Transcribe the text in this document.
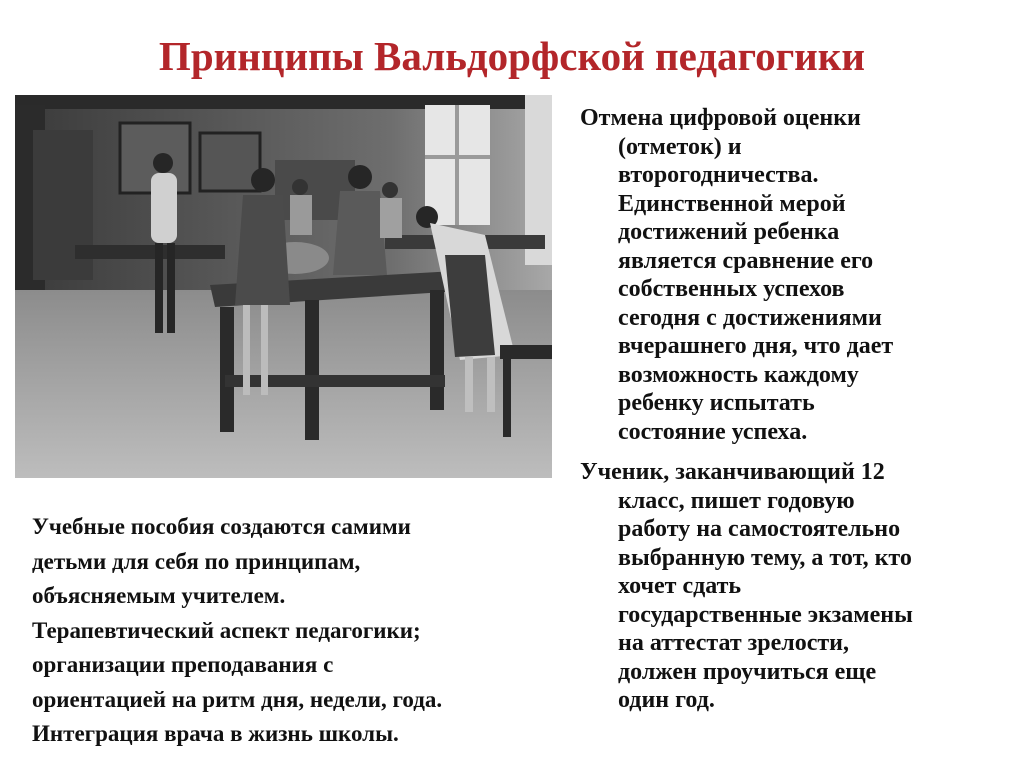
Принципы Вальдорфской педагогики

Отмена цифровой оценки
(отметок) и
второгодничества.
Единственной мерой
достижений ребенка
является сравнение его
собственных успехов
сегодня с достижениями
вчерашнего дня, что дает
возможность каждому
ребенку испытать
состояние успеха.

Ученик, заканчивающий 12
класс, пишет годовую
работу на самостоятельно
выбранную тему, а тот, кто
хочет сдать
государственные экзамены
на аттестат зрелости,
должен проучиться еще
один год.

Учебные пособия создаются самими
детьми для себя по принципам,
объясняемым учителем.
Терапевтический аспект педагогики;
организации преподавания с
ориентацией на ритм дня, недели, года.
Интеграция врача в жизнь школы.
